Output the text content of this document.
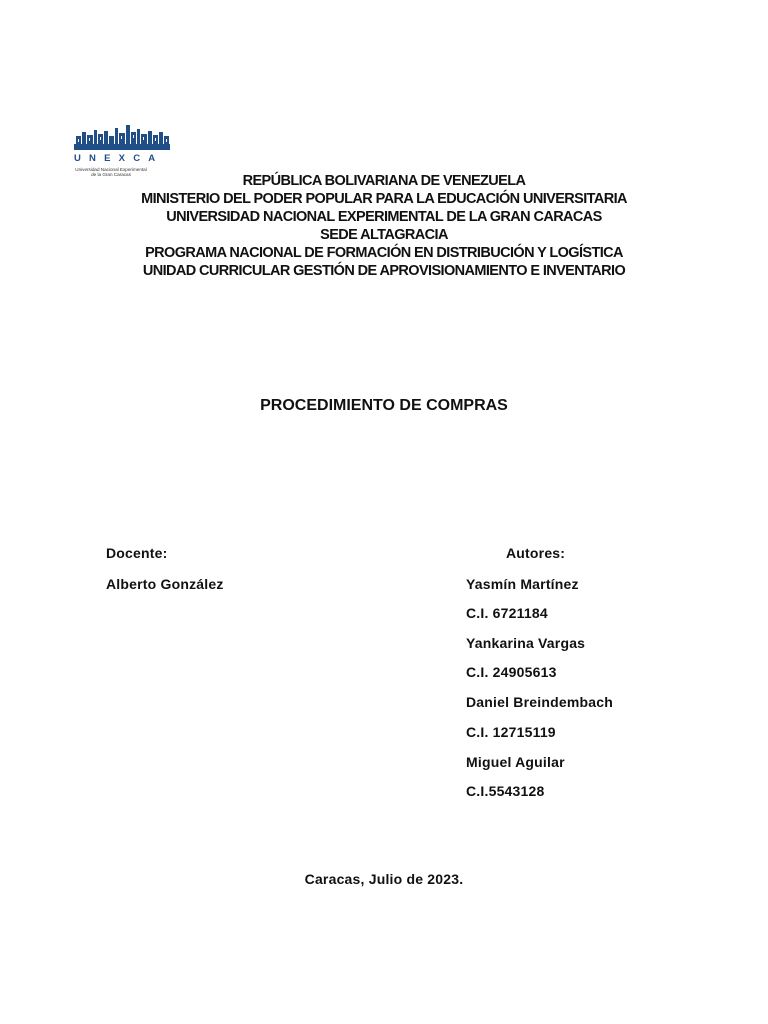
UNEXCA
Universidad Nacional Experimental
de la Gran Caracas	REPÚBLICA BOLIVARIANA DE VENEZUELA
MINISTERIO DEL PODER POPULAR PARA LA EDUCACIÓN UNIVERSITARIA
UNIVERSIDAD NACIONAL EXPERIMENTAL DE LA GRAN CARACAS
SEDE ALTAGRACIA
PROGRAMA NACIONAL DE FORMACIÓN EN DISTRIBUCIÓN Y LOGÍSTICA
UNIDAD CURRICULAR GESTIÓN DE APROVISIONAMIENTO E INVENTARIO
PROCEDIMIENTO DE COMPRAS
Docente:
Alberto González
Autores:
Yasmín Martínez
C.I. 6721184
Yankarina Vargas
C.I. 24905613
Daniel Breindembach
C.I. 12715119
Miguel Aguilar
C.I.5543128
Caracas, Julio de 2023.
